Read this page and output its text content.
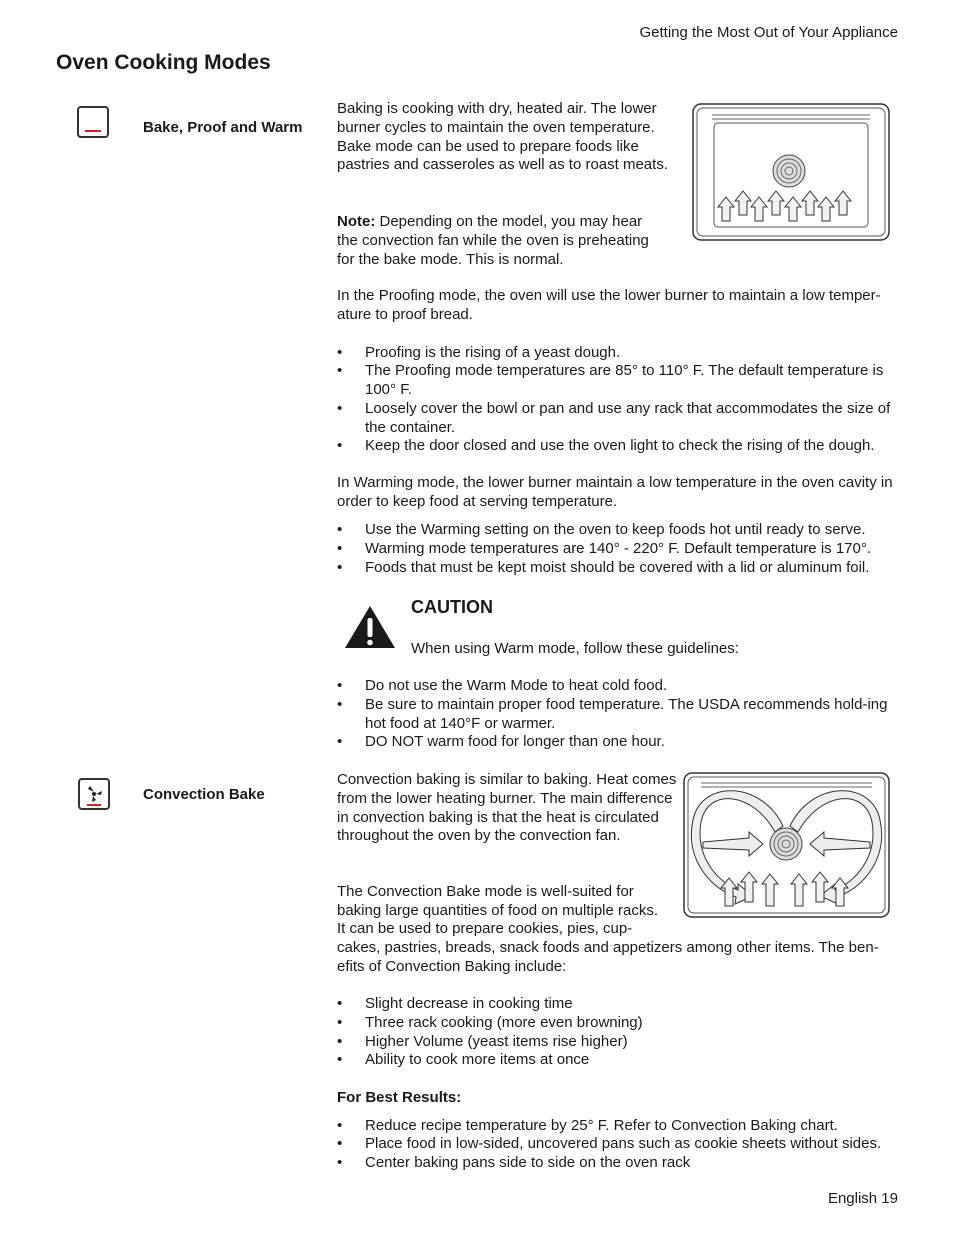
Getting the Most Out of Your Appliance
Oven Cooking Modes
Bake, Proof and Warm

Baking is cooking with dry, heated air. The lower burner cycles to maintain the oven temperature. Bake mode can be used to prepare foods like pastries and casseroles as well as to roast meats.

Note: Depending on the model, you may hear the convection fan while the oven is preheating for the bake mode. This is normal.

In the Proofing mode, the oven will use the lower burner to maintain a low temper-ature to proof bread.

• Proofing is the rising of a yeast dough.
• The Proofing mode temperatures are 85° to 110° F. The default temperature is 100° F.
• Loosely cover the bowl or pan and use any rack that accommodates the size of the container.
• Keep the door closed and use the oven light to check the rising of the dough.

In Warming mode, the lower burner maintain a low temperature in the oven cavity in order to keep food at serving temperature.

• Use the Warming setting on the oven to keep foods hot until ready to serve.
• Warming mode temperatures are 140° - 220° F. Default temperature is 170°.
• Foods that must be kept moist should be covered with a lid or aluminum foil.
CAUTION
When using Warm mode, follow these guidelines:
• Do not use the Warm Mode to heat cold food.
• Be sure to maintain proper food temperature. The USDA recommends hold-ing hot food at 140°F or warmer.
• DO NOT warm food for longer than one hour.
Convection Bake

Convection baking is similar to baking. Heat comes from the lower heating burner. The main difference in convection baking is that the heat is circulated throughout the oven by the convection fan.

The Convection Bake mode is well-suited for
baking large quantities of food on multiple racks.
It can be used to prepare cookies, pies, cup-
cakes, pastries, breads, snack foods and appetizers among other items. The ben-
efits of Convection Baking include:
• Slight decrease in cooking time
• Three rack cooking (more even browning)
• Higher Volume (yeast items rise higher)
• Ability to cook more items at once
For Best Results:
• Reduce recipe temperature by 25° F. Refer to Convection Baking chart.
• Place food in low-sided, uncovered pans such as cookie sheets without sides.
• Center baking pans side to side on the oven rack
English 19
